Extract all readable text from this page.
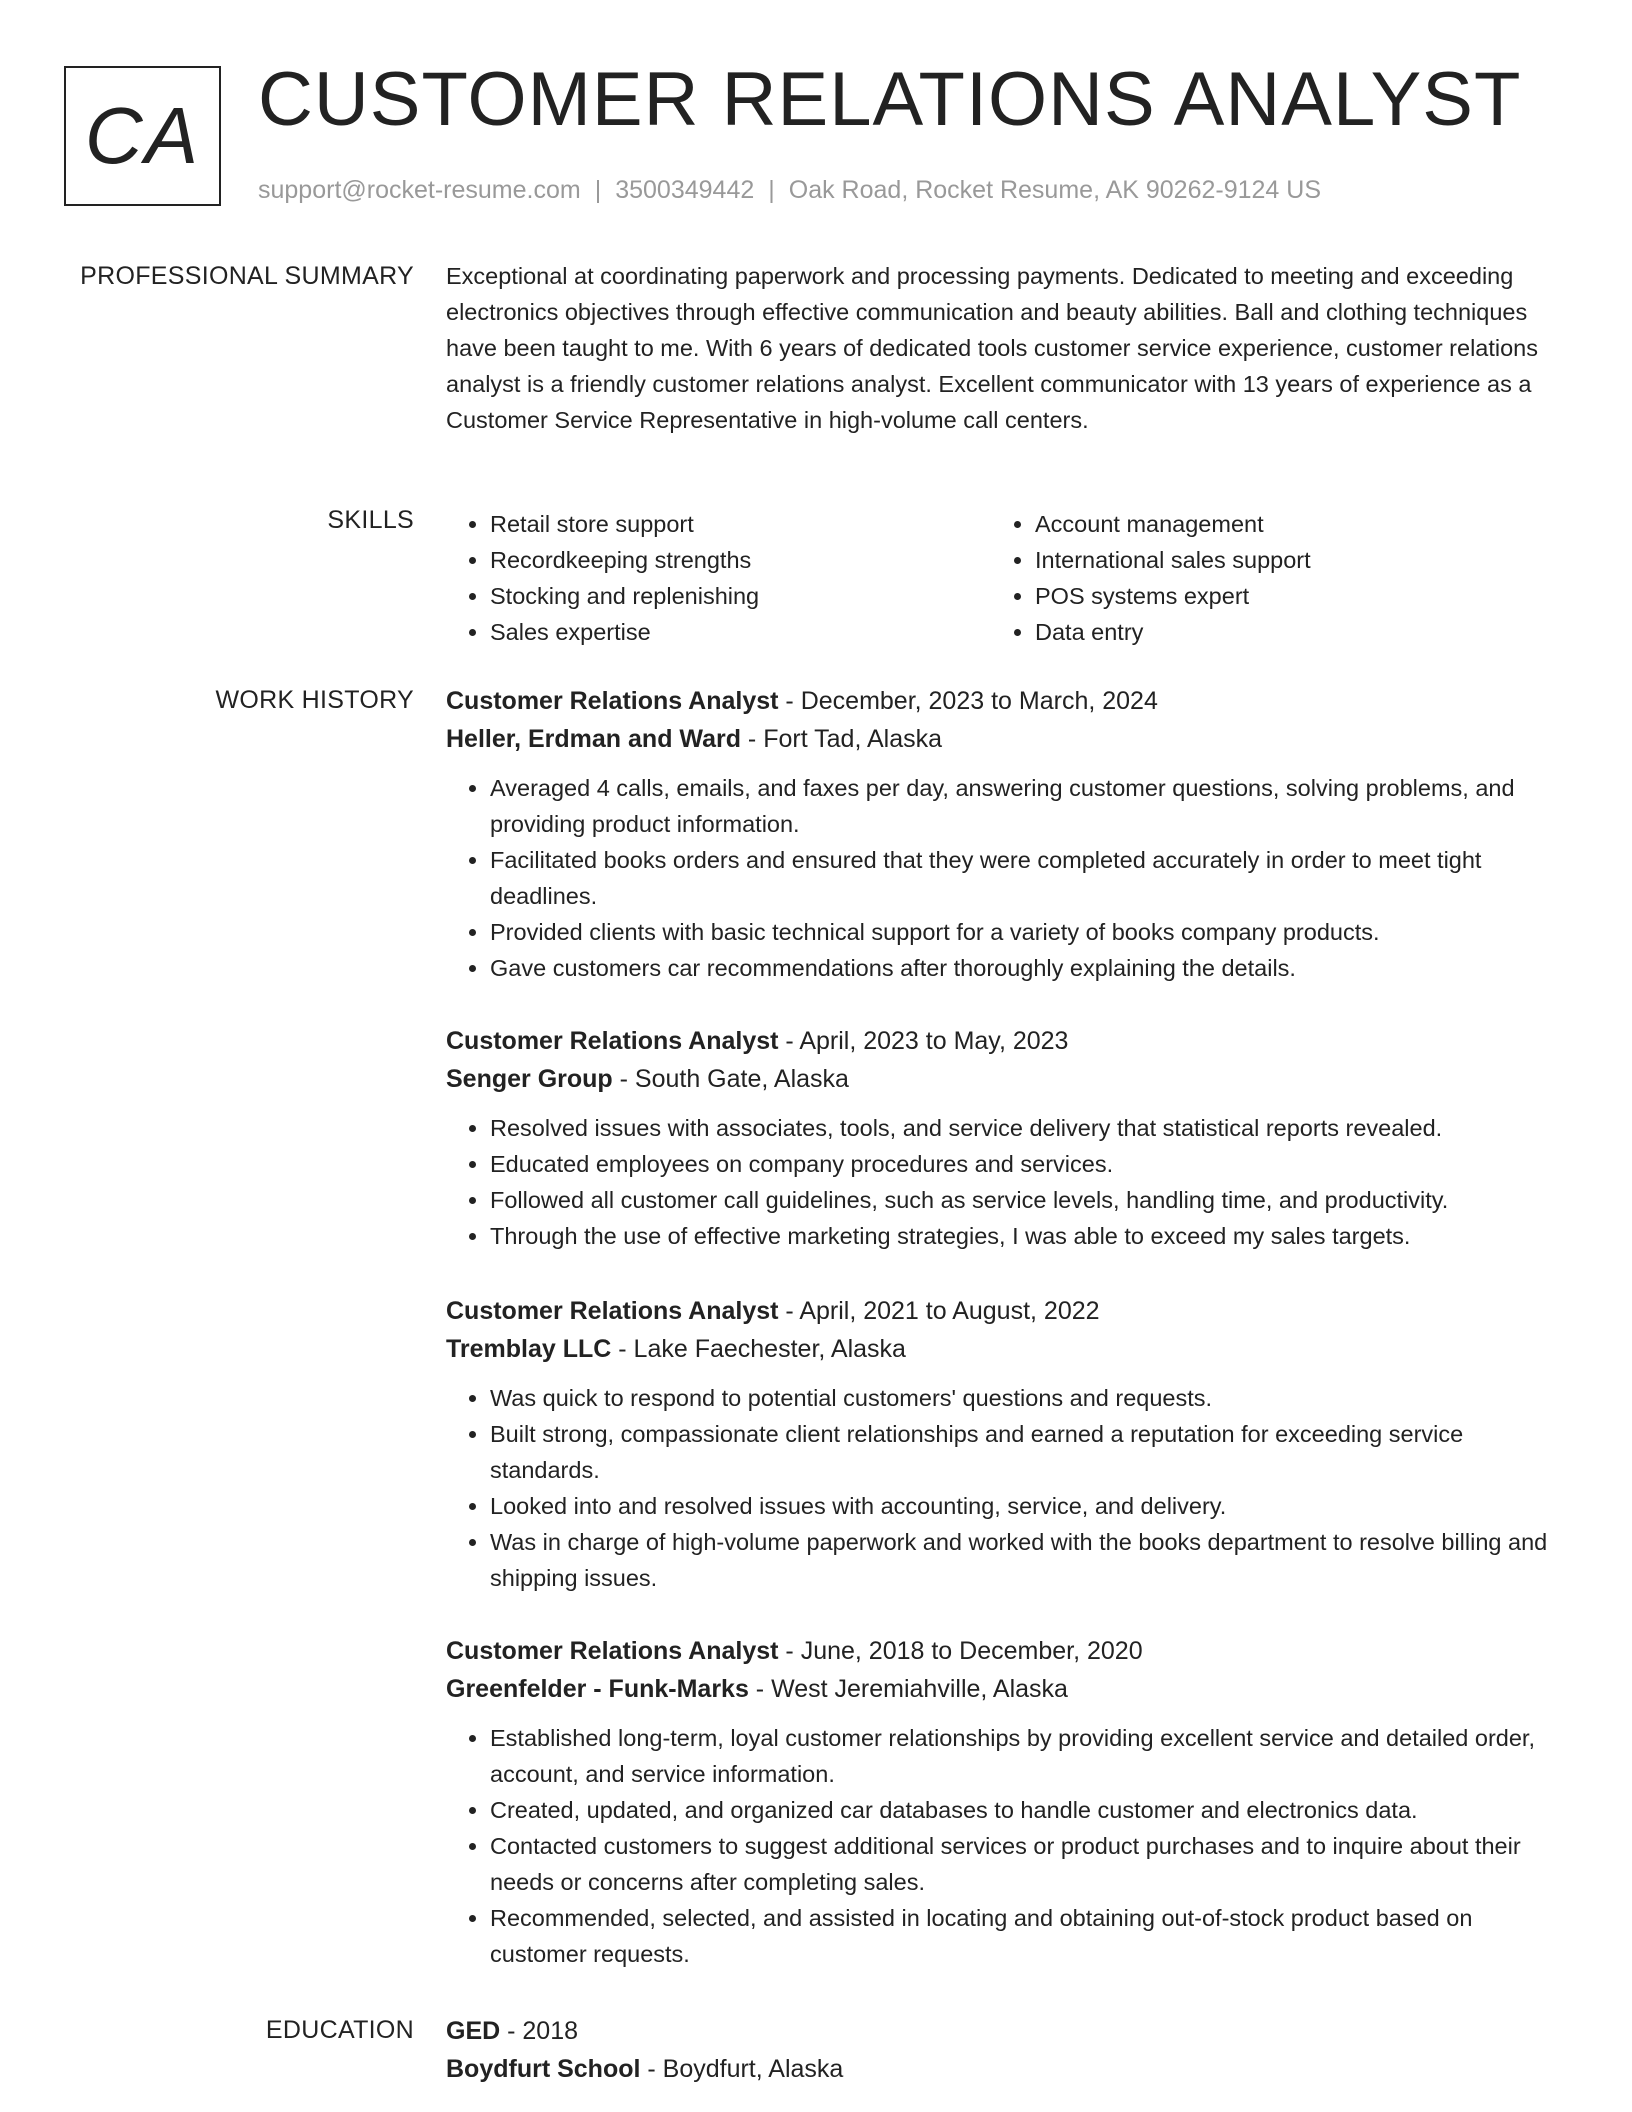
CA CUSTOMER RELATIONS ANALYST
support@rocket-resume.com | 3500349442 | Oak Road, Rocket Resume, AK 90262-9124 US
PROFESSIONAL SUMMARY Exceptional at coordinating paperwork and processing payments. Dedicated to meeting and exceeding electronics objectives through effective communication and beauty abilities. Ball and clothing techniques have been taught to me. With 6 years of dedicated tools customer service experience, customer relations analyst is a friendly customer relations analyst. Excellent communicator with 13 years of experience as a Customer Service Representative in high-volume call centers.
SKILLS
•	Retail store support
• Recordkeeping strengths
• Stocking and replenishing
• Sales expertise
• Account management
• International sales support
• POS systems expert
• Data entry
WORK HISTORY Customer Relations Analyst - December, 2023 to March, 2024
Heller, Erdman and Ward - Fort Tad, Alaska
• Averaged 4 calls, emails, and faxes per day, answering customer questions, solving problems, and providing product information.
• Facilitated books orders and ensured that they were completed accurately in order to meet tight deadlines.
• Provided clients with basic technical support for a variety of books company products.
• Gave customers car recommendations after thoroughly explaining the details.
Customer Relations Analyst - April, 2023 to May, 2023
Senger Group - South Gate, Alaska
• Resolved issues with associates, tools, and service delivery that statistical reports revealed.
• Educated employees on company procedures and services.
• Followed all customer call guidelines, such as service levels, handling time, and productivity.
• Through the use of effective marketing strategies, I was able to exceed my sales targets.
Customer Relations Analyst - April, 2021 to August, 2022
Tremblay LLC - Lake Faechester, Alaska
• Was quick to respond to potential customers' questions and requests.
• Built strong, compassionate client relationships and earned a reputation for exceeding service standards.
• Looked into and resolved issues with accounting, service, and delivery.
• Was in charge of high-volume paperwork and worked with the books department to resolve billing and shipping issues.
Customer Relations Analyst - June, 2018 to December, 2020
Greenfelder - Funk-Marks - West Jeremiahville, Alaska
• Established long-term, loyal customer relationships by providing excellent service and detailed order, account, and service information.
• Created, updated, and organized car databases to handle customer and electronics data.
• Contacted customers to suggest additional services or product purchases and to inquire about their needs or concerns after completing sales.
• Recommended, selected, and assisted in locating and obtaining out-of-stock product based on customer requests.
EDUCATION GED - 2018
Boydfurt School - Boydfurt, Alaska
